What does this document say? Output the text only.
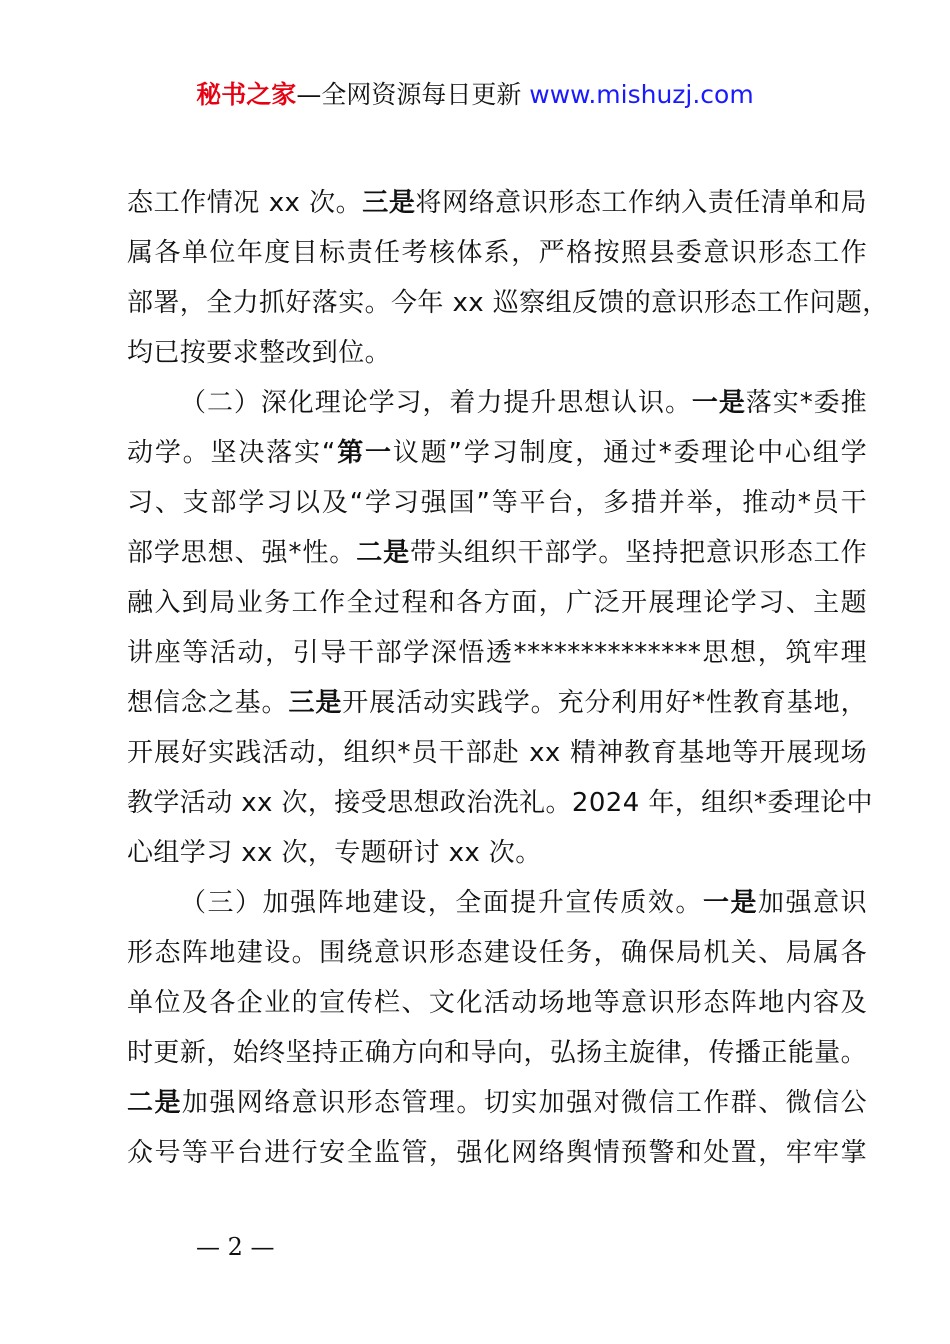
秘书之家—全网资源每日更新 www.mishuzj.com
态工作情况 xx 次。三是将网络意识形态工作纳入责任清单和局
属各单位年度目标责任考核体系，严格按照县委意识形态工作
部署，全力抓好落实。今年 xx 巡察组反馈的意识形态工作问题，
均已按要求整改到位。
（二）深化理论学习，着力提升思想认识。一是落实*委推
动学。坚决落实“第一议题”学习制度，通过*委理论中心组学
习、支部学习以及“学习强国”等平台，多措并举，推动*员干
部学思想、强*性。二是带头组织干部学。坚持把意识形态工作
融入到局业务工作全过程和各方面，广泛开展理论学习、主题
讲座等活动，引导干部学深悟透**************思想，筑牢理
想信念之基。三是开展活动实践学。充分利用好*性教育基地，
开展好实践活动，组织*员干部赴 xx 精神教育基地等开展现场
教学活动 xx 次，接受思想政治洗礼。2024 年，组织*委理论中
心组学习 xx 次，专题研讨 xx 次。
（三）加强阵地建设，全面提升宣传质效。一是加强意识
形态阵地建设。围绕意识形态建设任务，确保局机关、局属各
单位及各企业的宣传栏、文化活动场地等意识形态阵地内容及
时更新，始终坚持正确方向和导向，弘扬主旋律，传播正能量。
二是加强网络意识形态管理。切实加强对微信工作群、微信公
众号等平台进行安全监管，强化网络舆情预警和处置，牢牢掌
— 2 —
